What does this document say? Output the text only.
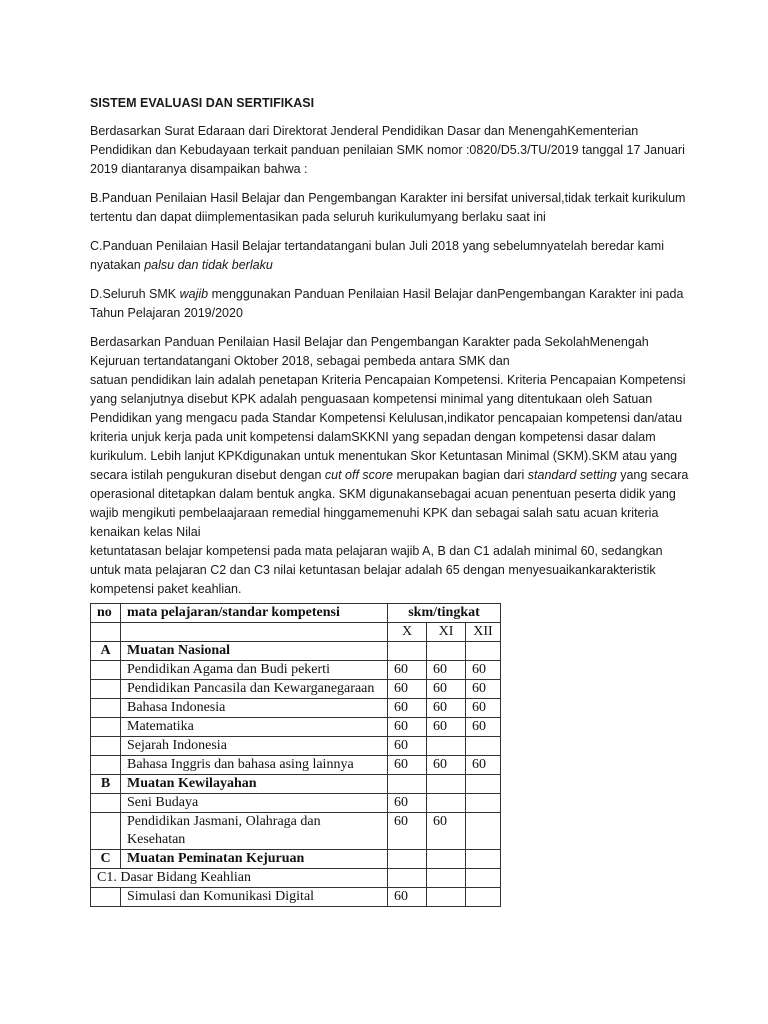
SISTEM EVALUASI DAN SERTIFIKASI

Berdasarkan Surat Edaraan dari Direktorat Jenderal Pendidikan Dasar dan MenengahKementerian Pendidikan dan Kebudayaan terkait panduan penilaian SMK nomor :0820/D5.3/TU/2019 tanggal 17 Januari 2019 diantaranya disampaikan bahwa :

B.Panduan Penilaian Hasil Belajar dan Pengembangan Karakter ini bersifat universal,tidak terkait kurikulum tertentu dan dapat diimplementasikan pada seluruh kurikulumyang berlaku saat ini

C.Panduan Penilaian Hasil Belajar tertandatangani bulan Juli 2018 yang sebelumnyatelah beredar kami nyatakan palsu dan tidak berlaku

D.Seluruh SMK wajib menggunakan Panduan Penilaian Hasil Belajar danPengembangan Karakter ini pada Tahun Pelajaran 2019/2020

Berdasarkan Panduan Penilaian Hasil Belajar dan Pengembangan Karakter pada SekolahMenengah Kejuruan tertandatangani Oktober 2018, sebagai pembeda antara SMK dan

satuan pendidikan lain adalah penetapan Kriteria Pencapaian Kompetensi. Kriteria Pencapaian Kompetensi yang selanjutnya disebut KPK adalah penguasaan kompetensi minimal yang ditentukaan oleh Satuan Pendidikan yang mengacu pada Standar Kompetensi Kelulusan,indikator pencapaian kompetensi dan/atau kriteria unjuk kerja pada unit kompetensi dalamSKKNI yang sepadan dengan kompetensi dasar dalam kurikulum. Lebih lanjut KPKdigunakan untuk menentukan Skor Ketuntasan Minimal (SKM).SKM atau yang secara istilah pengukuran disebut dengan cut off score merupakan bagian dari standard setting yang secara operasional ditetapkan dalam bentuk angka. SKM digunakansebagai acuan penentuan peserta didik yang wajib mengikuti pembelaajaraan remedial hinggamemenuhi KPK dan sebagai salah satu acuan kriteria kenaikan kelas Nilai

ketuntatasan belajar kompetensi pada mata pelajaran wajib A, B dan C1 adalah minimal 60, sedangkan untuk mata pelajaran C2 dan C3 nilai ketuntasan belajar adalah 65 dengan menyesuaikankarakteristik kompetensi paket keahlian.

no	mata pelajaran/standar kompetensi	skm/tingkat		
		X	XI	XII
A	Muatan Nasional			
	Pendidikan Agama dan Budi pekerti	60	60	60
	Pendidikan Pancasila dan Kewarganegaraan	60	60	60
	Bahasa Indonesia	60	60	60
	Matematika	60	60	60
	Sejarah Indonesia	60		
	Bahasa Inggris dan bahasa asing lainnya	60	60	60
B	Muatan Kewilayahan			
	Seni Budaya	60		
	Pendidikan Jasmani, Olahraga dan Kesehatan	60	60	
C	Muatan Peminatan Kejuruan			
C1. Dasar Bidang Keahlian				
	Simulasi dan Komunikasi Digital	60		
